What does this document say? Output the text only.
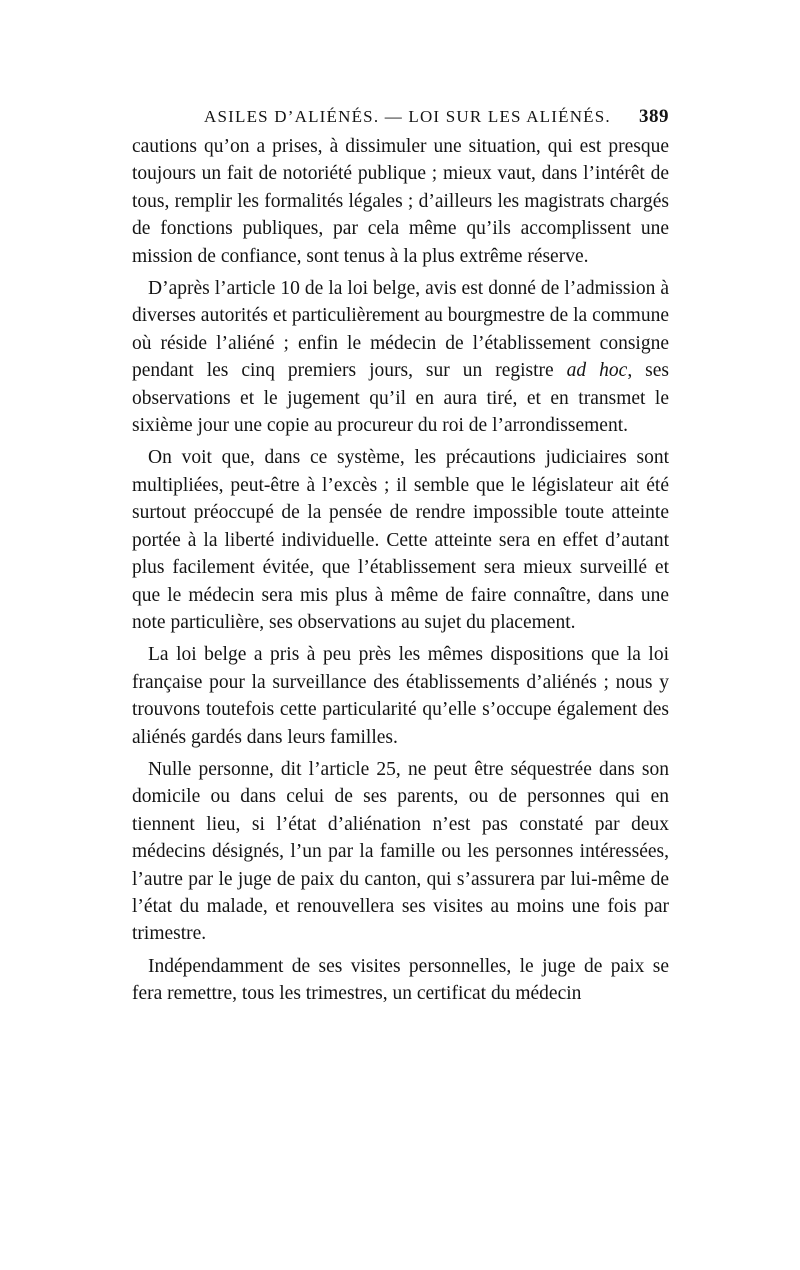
ASILES D’ALIÉNÉS. — LOI SUR LES ALIÉNÉS. 389

cautions qu’on a prises, à dissimuler une situation, qui est presque toujours un fait de notoriété publique ; mieux vaut, dans l’intérêt de tous, remplir les formalités légales ; d’ailleurs les magistrats chargés de fonctions publiques, par cela même qu’ils accomplissent une mission de confiance, sont tenus à la plus extrême réserve.

D’après l’article 10 de la loi belge, avis est donné de l’admission à diverses autorités et particulièrement au bourgmestre de la commune où réside l’aliéné ; enfin le médecin de l’établissement consigne pendant les cinq premiers jours, sur un registre ad hoc, ses observations et le jugement qu’il en aura tiré, et en transmet le sixième jour une copie au procureur du roi de l’arrondissement.

On voit que, dans ce système, les précautions judiciaires sont multipliées, peut-être à l’excès ; il semble que le législateur ait été surtout préoccupé de la pensée de rendre impossible toute atteinte portée à la liberté individuelle. Cette atteinte sera en effet d’autant plus facilement évitée, que l’établissement sera mieux surveillé et que le médecin sera mis plus à même de faire connaître, dans une note particulière, ses observations au sujet du placement.

La loi belge a pris à peu près les mêmes dispositions que la loi française pour la surveillance des établissements d’aliénés ; nous y trouvons toutefois cette particularité qu’elle s’occupe également des aliénés gardés dans leurs familles.

Nulle personne, dit l’article 25, ne peut être séquestrée dans son domicile ou dans celui de ses parents, ou de personnes qui en tiennent lieu, si l’état d’aliénation n’est pas constaté par deux médecins désignés, l’un par la famille ou les personnes intéressées, l’autre par le juge de paix du canton, qui s’assurera par lui-même de l’état du malade, et renouvellera ses visites au moins une fois par trimestre.

Indépendamment de ses visites personnelles, le juge de paix se fera remettre, tous les trimestres, un certificat du médecin
